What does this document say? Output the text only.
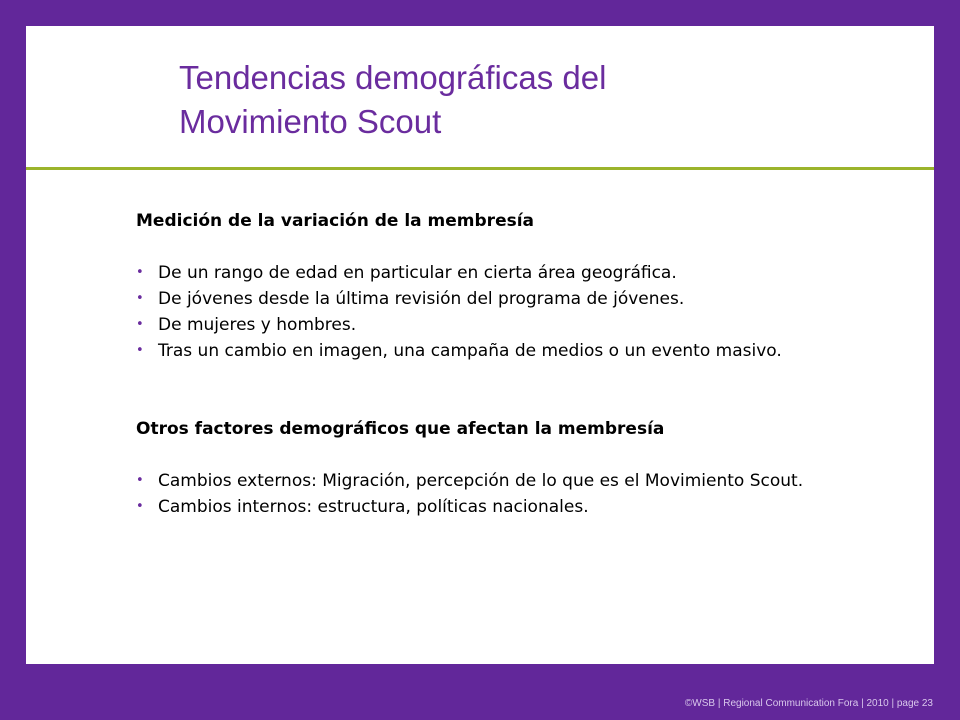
Tendencias demográficas del
Movimiento Scout

Medición de la variación de la membresía

• De un rango de edad en particular en cierta área geográfica.
• De jóvenes desde la última revisión del programa de jóvenes.
• De mujeres y hombres.
• Tras un cambio en imagen, una campaña de medios o un evento masivo.

Otros factores demográficos que afectan la membresía

• Cambios externos: Migración, percepción de lo que es el Movimiento Scout.
• Cambios internos: estructura, políticas nacionales.
©WSB | Regional Communication Fora | 2010 | page 23
